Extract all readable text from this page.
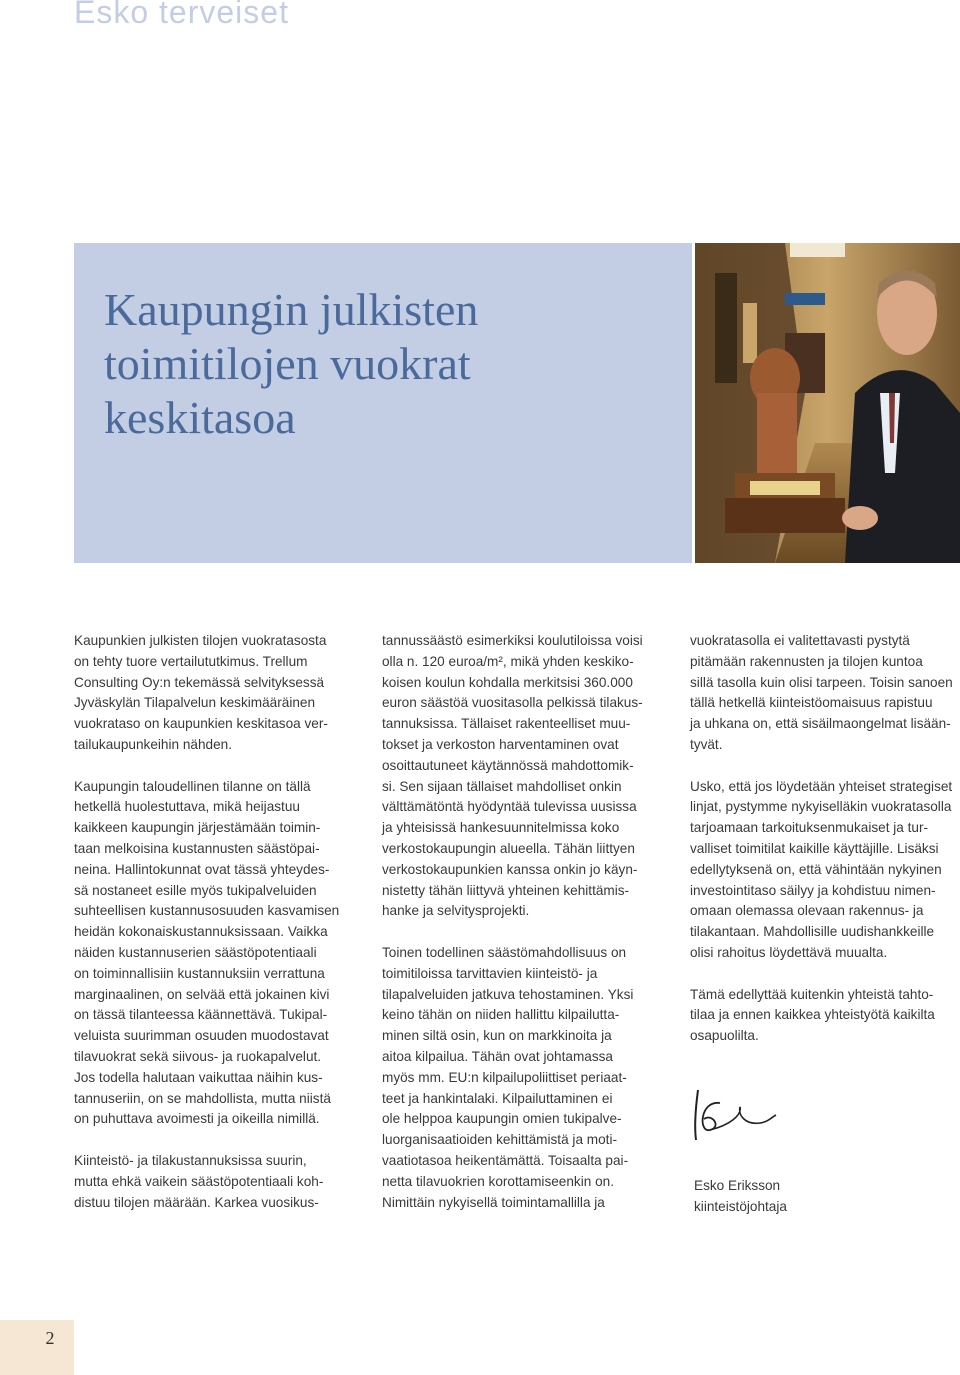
Esko terveiset
Kaupungin julkisten
toimitilojen vuokrat
keskitasoa

Kaupunkien julkisten tilojen vuokratasosta
on tehty tuore vertailututkimus. Trellum
Consulting Oy:n tekemässä selvityksessä
Jyväskylän Tilapalvelun keskimääräinen
vuokrataso on kaupunkien keskitasoa ver-
tailukaupunkeihin nähden.

Kaupungin taloudellinen tilanne on tällä
hetkellä huolestuttava, mikä heijastuu
kaikkeen kaupungin järjestämään toimin-
taan melkoisina kustannusten säästöpai-
neina. Hallintokunnat ovat tässä yhteydes-
sä nostaneet esille myös tukipalveluiden
suhteellisen kustannusosuuden kasvamisen
heidän kokonaiskustannuksissaan. Vaikka
näiden kustannuserien säästöpotentiaali
on toiminnallisiin kustannuksiin verrattuna
marginaalinen, on selvää että jokainen kivi
on tässä tilanteessa käännettävä. Tukipal-
veluista suurimman osuuden muodostavat
tilavuokrat sekä siivous- ja ruokapalvelut.
Jos todella halutaan vaikuttaa näihin kus-
tannuseriin, on se mahdollista, mutta niistä
on puhuttava avoimesti ja oikeilla nimillä.

Kiinteistö- ja tilakustannuksissa suurin,
mutta ehkä vaikein säästöpotentiaali koh-
distuu tilojen määrään. Karkea vuosikus-

tannussäästö esimerkiksi koulutiloissa voisi
olla n. 120 euroa/m², mikä yhden keskiko-
koisen koulun kohdalla merkitsisi 360.000
euron säästöä vuositasolla pelkissä tilakus-
tannuksissa. Tällaiset rakenteelliset muu-
tokset ja verkoston harventaminen ovat
osoittautuneet käytännössä mahdottomik-
si. Sen sijaan tällaiset mahdolliset onkin
välttämätöntä hyödyntää tulevissa uusissa
ja yhteisissä hankesuunnitelmissa koko
verkostokaupungin alueella. Tähän liittyen
verkostokaupunkien kanssa onkin jo käyn-
nistetty tähän liittyvä yhteinen kehittämis-
hanke ja selvitysprojekti.

Toinen todellinen säästömahdollisuus on
toimitiloissa tarvittavien kiinteistö- ja
tilapalveluiden jatkuva tehostaminen. Yksi
keino tähän on niiden hallittu kilpailutta-
minen siltä osin, kun on markkinoita ja
aitoa kilpailua. Tähän ovat johtamassa
myös mm. EU:n kilpailupoliittiset periaat-
teet ja hankintalaki. Kilpailuttaminen ei
ole helppoa kaupungin omien tukipalve-
luorganisaatioiden kehittämistä ja moti-
vaatiotasoa heikentämättä. Toisaalta pai-
netta tilavuokrien korottamiseenkin on.
Nimittäin nykyisellä toimintamallilla ja

vuokratasolla ei valitettavasti pystytä
pitämään rakennusten ja tilojen kuntoa
sillä tasolla kuin olisi tarpeen. Toisin sanoen
tällä hetkellä kiinteistöomaisuus rapistuu
ja uhkana on, että sisäilmaongelmat lisään-
tyvät.

Usko, että jos löydetään yhteiset strategiset
linjat, pystymme nykyiselläkin vuokratasolla
tarjoamaan tarkoituksenmukaiset ja tur-
valliset toimitilat kaikille käyttäjille. Lisäksi
edellytyksenä on, että vähintään nykyinen
investointitaso säilyy ja kohdistuu nimen-
omaan olemassa olevaan rakennus- ja
tilakantaan. Mahdollisille uudishankkeille
olisi rahoitus löydettävä muualta.

Tämä edellyttää kuitenkin yhteistä tahto-
tilaa ja ennen kaikkea yhteistyötä kaikilta
osapuolilta.

Esko Eriksson
kiinteistöjohtaja
2
